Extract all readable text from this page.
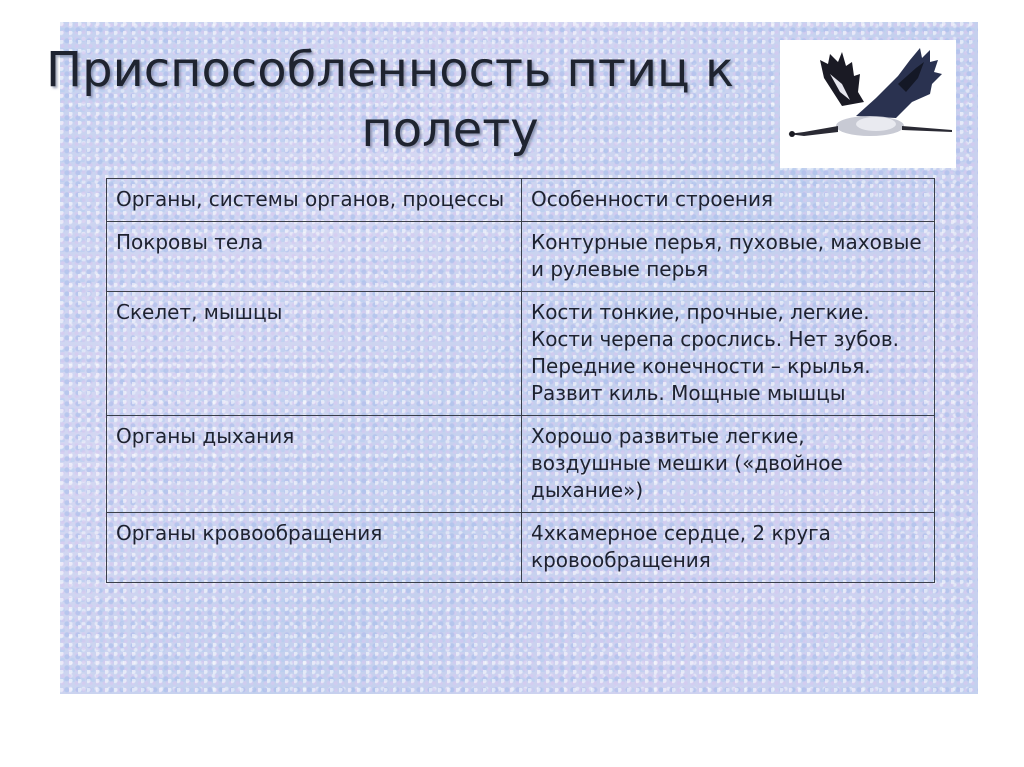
Приспособленность птиц к
полету
Органы, системы органов, процессы	Особенности строения
Покровы тела	Контурные перья, пуховые, маховые и рулевые перья
Скелет, мышцы	Кости тонкие, прочные, легкие. Кости черепа срослись. Нет зубов. Передние конечности – крылья. Развит киль. Мощные мышцы
Органы дыхания	Хорошо развитые легкие, воздушные мешки («двойное дыхание»)
Органы кровообращения	4хкамерное сердце, 2 круга кровообращения
